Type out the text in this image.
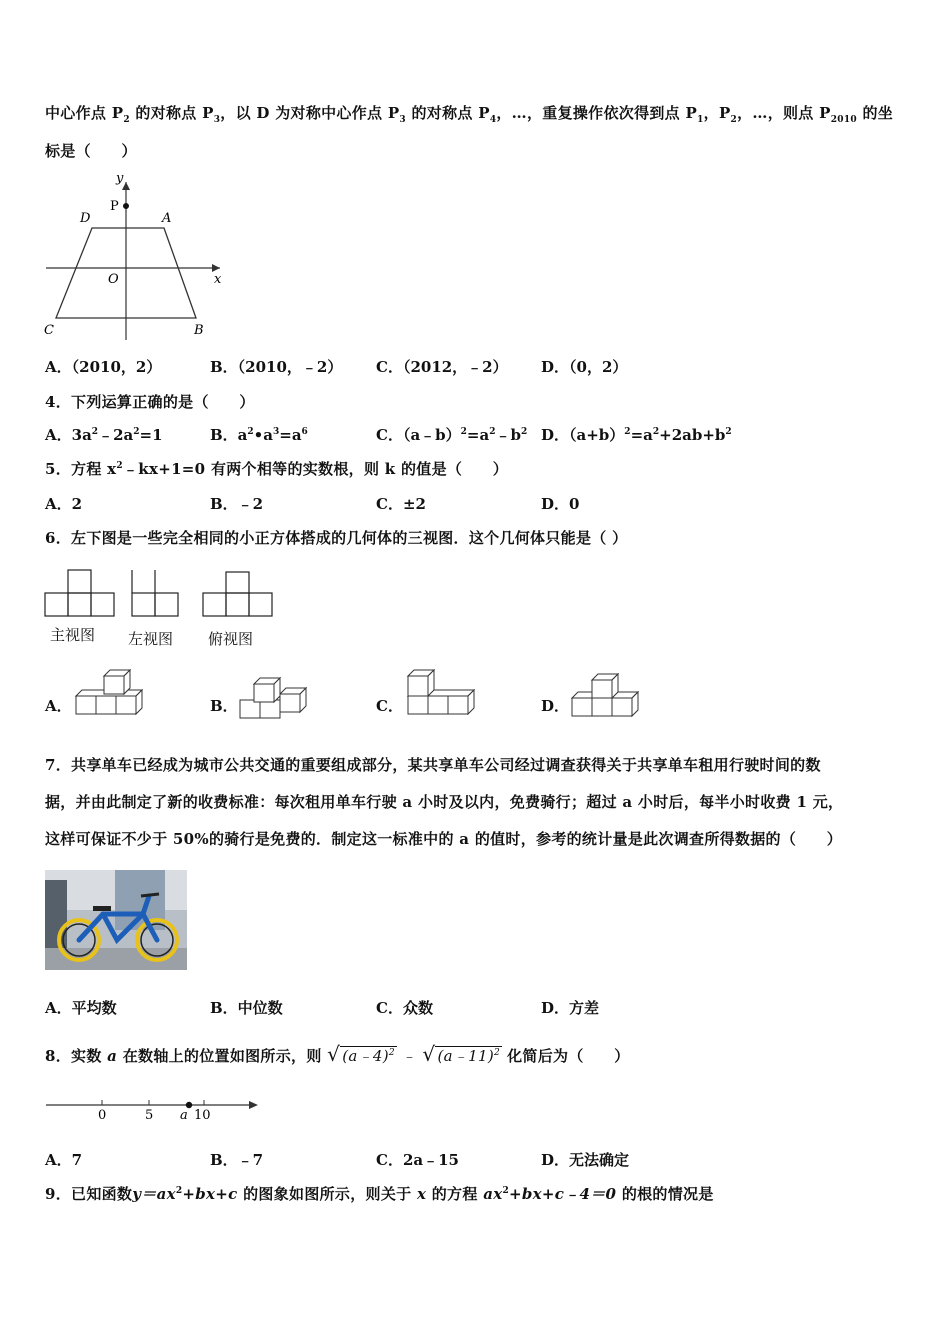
中心作点 $P_2$ 的对称点 $P_3$，以 D 为对称中心作点 $P_3$ 的对称点 $P_4$，…，重复操作依次得到点 $P_1$，$P_2$，…，则点 $P_{2010}$ 的坐
标是（　　）
y
x
O
P
A
B
C
D
A．（2010，2）	B．（2010，﹣2） C．（2012，﹣2） D．（0，2）
4．下列运算正确的是（　　）
A．$3a^2﹣2a^2=1$	B．$a^2•a^3=a^6$	C．$(a﹣b)^2=a^2﹣b^2$ D．$(a+b)^2=a^2+2ab+b^2$
5．方程 $x^2﹣kx+1=0$ 有两个相等的实数根，则 k 的值是（　　）
A．2	B．﹣2	C．±2	D．0
6．左下图是一些完全相同的小正方体搭成的几何体的三视图．这个几何体只能是（ ）
主视图 左视图 俯视图
A．	B．	C．	D．
7．共享单车已经成为城市公共交通的重要组成部分，某共享单车公司经过调查获得关于共享单车租用行驶时间的数
据，并由此制定了新的收费标准：每次租用单车行驶 a 小时及以内，免费骑行；超过 a 小时后，每半小时收费 1 元，
这样可保证不少于 50%的骑行是免费的．制定这一标准中的 a 的值时，参考的统计量是此次调查所得数据的（　　）
A．平均数	B．中位数	C．众数	D．方差
8．实数 a 在数轴上的位置如图所示，则 √ (a﹣4)$^2$ ﹣ √ (a﹣11)$^2$ 化简后为（　　）
0	5 a 10
A．7	B．﹣7	C．2a﹣15	D．无法确定
9．已知函数$y=ax^2+bx+c$ 的图象如图所示，则关于 x 的方程 $ax^2+bx+c﹣4=0$ 的根的情况是
